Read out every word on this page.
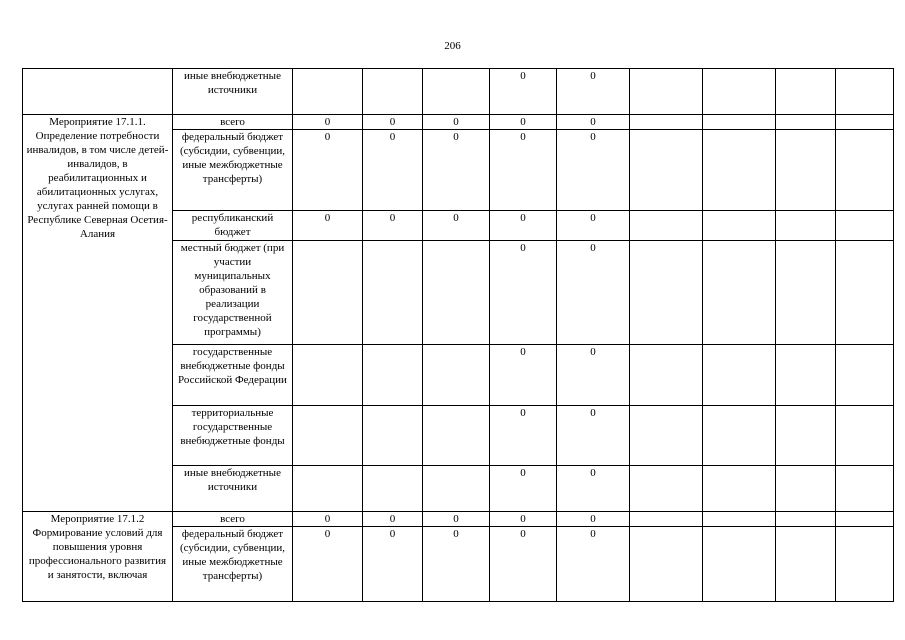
206
	иные внебюджетные источники				0	0				
Мероприятие 17.1.1. Определение потребности инвалидов, в том числе детей-инвалидов, в реабилитационных и абилитационных услугах, услугах ранней помощи в Республике Северная Осетия-Алания	всего	0	0	0	0	0				
	федеральный бюджет (субсидии, субвенции, иные межбюджетные трансферты)	0	0	0	0	0				
	республиканский бюджет	0	0	0	0	0				
	местный бюджет (при участии муниципальных образований в реализации государственной программы)				0	0				
	государственные внебюджетные фонды Российской Федерации				0	0				
	территориальные государственные внебюджетные фонды				0	0				
	иные внебюджетные источники				0	0				
Мероприятие 17.1.2 Формирование условий для повышения уровня профессионального развития и занятости, включая	всего	0	0	0	0	0				
	федеральный бюджет (субсидии, субвенции, иные межбюджетные трансферты)	0	0	0	0	0				
